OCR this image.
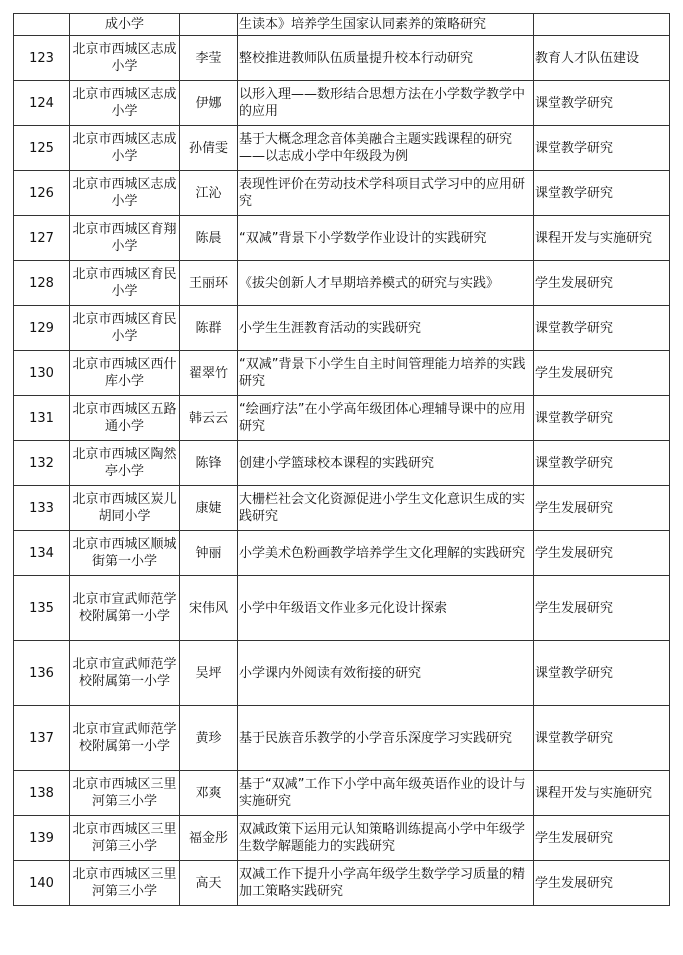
	成小学		生读本》培养学生国家认同素养的策略研究	
123	北京市西城区志成小学	李莹	整校推进教师队伍质量提升校本行动研究	教育人才队伍建设
124	北京市西城区志成小学	伊娜	以形入理——数形结合思想方法在小学数学教学中的应用	课堂教学研究
125	北京市西城区志成小学	孙倩雯	基于大概念理念音体美融合主题实践课程的研究——以志成小学中年级段为例	课堂教学研究
126	北京市西城区志成小学	江沁	表现性评价在劳动技术学科项目式学习中的应用研究	课堂教学研究
127	北京市西城区育翔小学	陈晨	“双减”背景下小学数学作业设计的实践研究	课程开发与实施研究
128	北京市西城区育民小学	王丽环	《拔尖创新人才早期培养模式的研究与实践》	学生发展研究
129	北京市西城区育民小学	陈群	小学生生涯教育活动的实践研究	课堂教学研究
130	北京市西城区西什库小学	翟翠竹	“双减”背景下小学生自主时间管理能力培养的实践研究	学生发展研究
131	北京市西城区五路通小学	韩云云	“绘画疗法”在小学高年级团体心理辅导课中的应用研究	课堂教学研究
132	北京市西城区陶然亭小学	陈锋	创建小学篮球校本课程的实践研究	课堂教学研究
133	北京市西城区炭儿胡同小学	康婕	大栅栏社会文化资源促进小学生文化意识生成的实践研究	学生发展研究
134	北京市西城区顺城街第一小学	钟丽	小学美术色粉画教学培养学生文化理解的实践研究	学生发展研究
135	北京市宣武师范学校附属第一小学	宋伟风	小学中年级语文作业多元化设计探索	学生发展研究
136	北京市宣武师范学校附属第一小学	吴坪	小学课内外阅读有效衔接的研究	课堂教学研究
137	北京市宣武师范学校附属第一小学	黄珍	基于民族音乐教学的小学音乐深度学习实践研究	课堂教学研究
138	北京市西城区三里河第三小学	邓爽	基于“双减”工作下小学中高年级英语作业的设计与实施研究	课程开发与实施研究
139	北京市西城区三里河第三小学	福金彤	双减政策下运用元认知策略训练提高小学中年级学生数学解题能力的实践研究	学生发展研究
140	北京市西城区三里河第三小学	高天	双减工作下提升小学高年级学生数学学习质量的精加工策略实践研究	学生发展研究
